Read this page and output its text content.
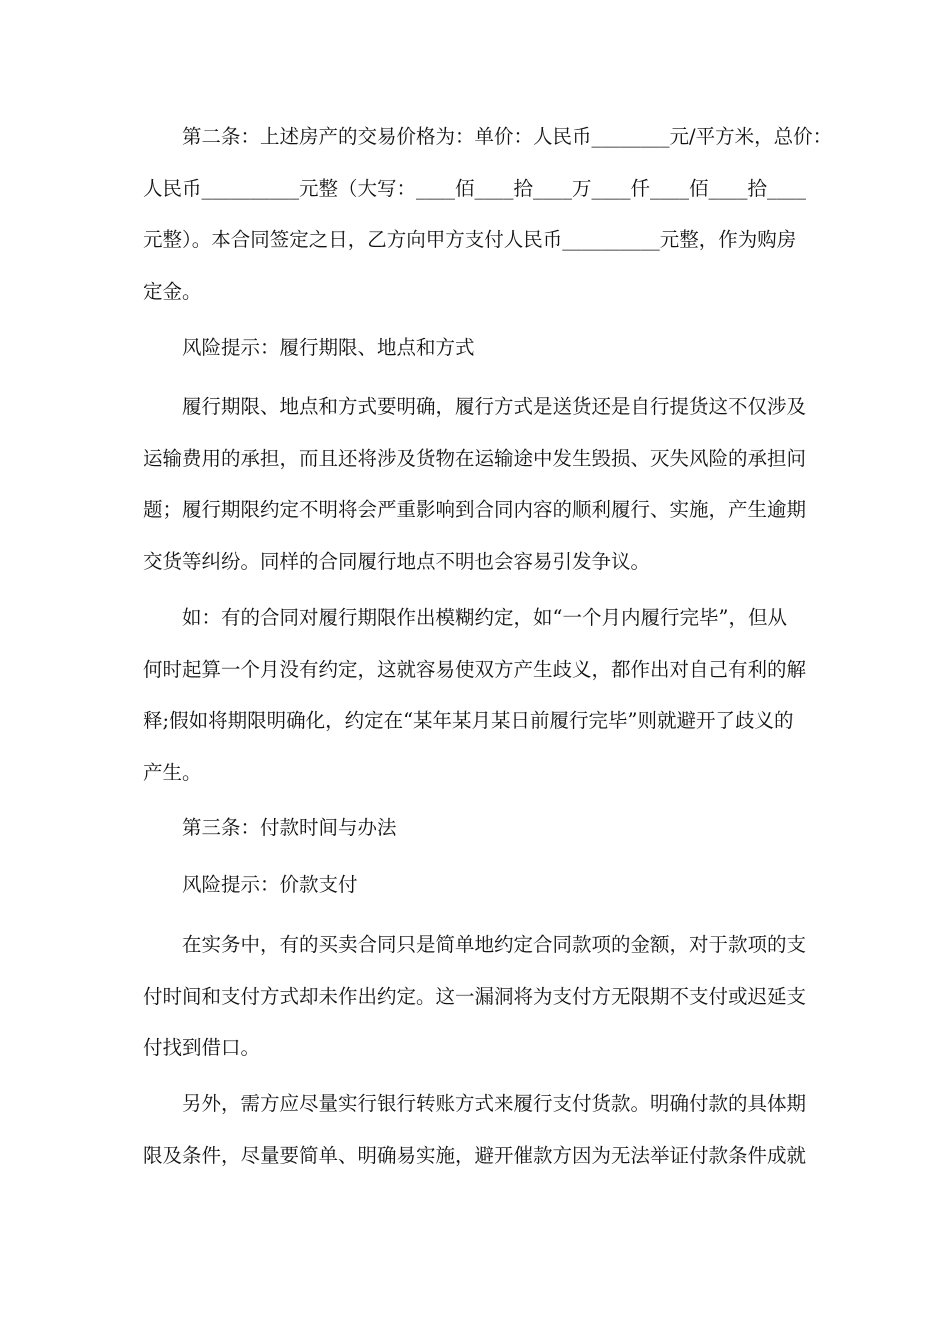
第二条：上述房产的交易价格为：单价：人民币________元/平方米，总价：
人民币__________元整（大写：____佰____拾____万____仟____佰____拾____
元整）。本合同签定之日，乙方向甲方支付人民币__________元整，作为购房
定金。
风险提示：履行期限、地点和方式
履行期限、地点和方式要明确，履行方式是送货还是自行提货这不仅涉及
运输费用的承担，而且还将涉及货物在运输途中发生毁损、灭失风险的承担问
题；履行期限约定不明将会严重影响到合同内容的顺利履行、实施，产生逾期
交货等纠纷。同样的合同履行地点不明也会容易引发争议。
如：有的合同对履行期限作出模糊约定，如“一个月内履行完毕”，但从
何时起算一个月没有约定，这就容易使双方产生歧义，都作出对自己有利的解
释;假如将期限明确化，约定在“某年某月某日前履行完毕”则就避开了歧义的
产生。
第三条：付款时间与办法
风险提示：价款支付
在实务中，有的买卖合同只是简单地约定合同款项的金额，对于款项的支
付时间和支付方式却未作出约定。这一漏洞将为支付方无限期不支付或迟延支
付找到借口。
另外，需方应尽量实行银行转账方式来履行支付货款。明确付款的具体期
限及条件，尽量要简单、明确易实施，避开催款方因为无法举证付款条件成就
